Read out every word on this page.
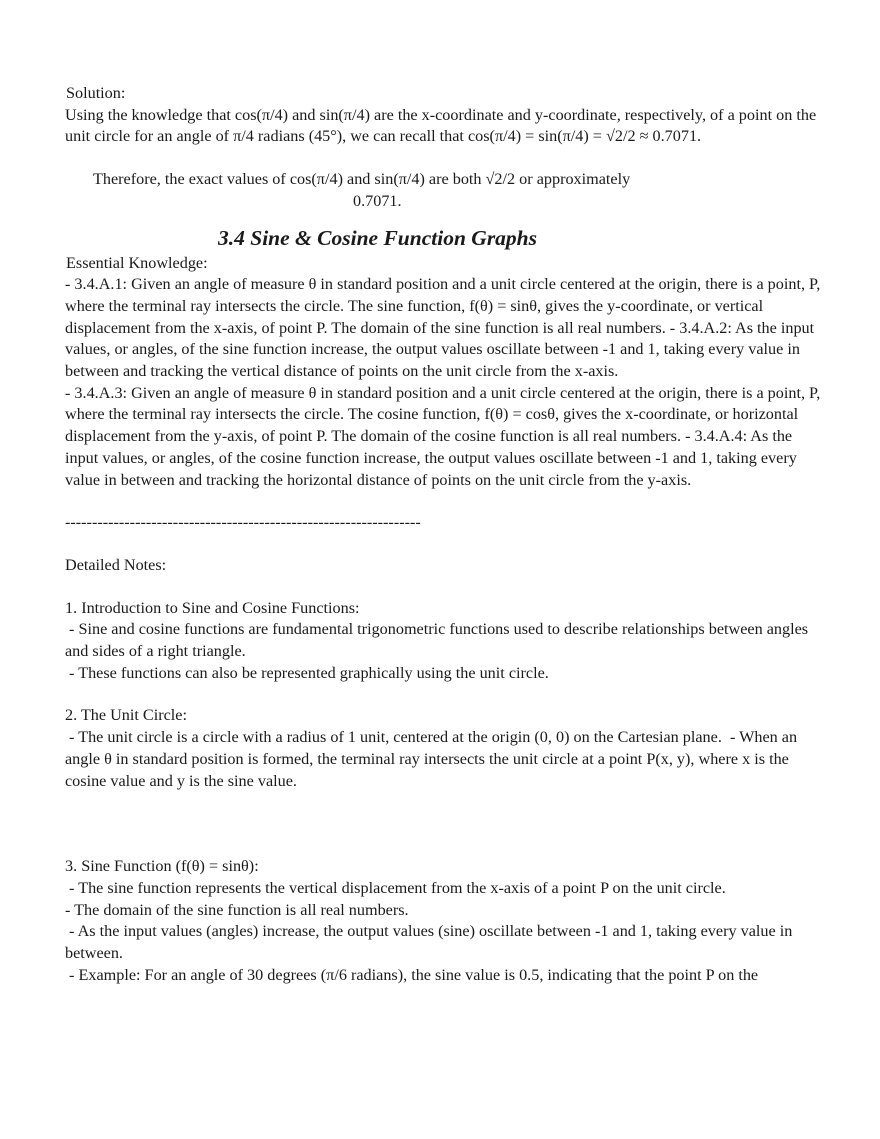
Solution:

Using the knowledge that cos(π/4) and sin(π/4) are the x-coordinate and y-coordinate, respectively, of a point on the unit circle for an angle of π/4 radians (45°), we can recall that cos(π/4) = sin(π/4) = √2/2 ≈ 0.7071.

Therefore, the exact values of cos(π/4) and sin(π/4) are both √2/2 or approximately

0.7071.

3.4 Sine & Cosine Function Graphs

Essential Knowledge:

- 3.4.A.1: Given an angle of measure θ in standard position and a unit circle centered at the origin, there is a point, P, where the terminal ray intersects the circle. The sine function, f(θ) = sinθ, gives the y-coordinate, or vertical displacement from the x-axis, of point P. The domain of the sine function is all real numbers. - 3.4.A.2: As the input values, or angles, of the sine function increase, the output values oscillate between -1 and 1, taking every value in between and tracking the vertical distance of points on the unit circle from the x-axis.

- 3.4.A.3: Given an angle of measure θ in standard position and a unit circle centered at the origin, there is a point, P, where the terminal ray intersects the circle. The cosine function, f(θ) = cosθ, gives the x-coordinate, or horizontal displacement from the y-axis, of point P. The domain of the cosine function is all real numbers. - 3.4.A.4: As the input values, or angles, of the cosine function increase, the output values oscillate between -1 and 1, taking every value in between and tracking the horizontal distance of points on the unit circle from the y-axis.

------------------------------------------------------------------

Detailed Notes:

1. Introduction to Sine and Cosine Functions:

- Sine and cosine functions are fundamental trigonometric functions used to describe relationships between angles and sides of a right triangle.

- These functions can also be represented graphically using the unit circle.

2. The Unit Circle:

- The unit circle is a circle with a radius of 1 unit, centered at the origin (0, 0) on the Cartesian plane.  - When an angle θ in standard position is formed, the terminal ray intersects the unit circle at a point P(x, y), where x is the cosine value and y is the sine value.

3. Sine Function (f(θ) = sinθ):

- The sine function represents the vertical displacement from the x-axis of a point P on the unit circle.

- The domain of the sine function is all real numbers.

- As the input values (angles) increase, the output values (sine) oscillate between -1 and 1, taking every value in between.

- Example: For an angle of 30 degrees (π/6 radians), the sine value is 0.5, indicating that the point P on the
